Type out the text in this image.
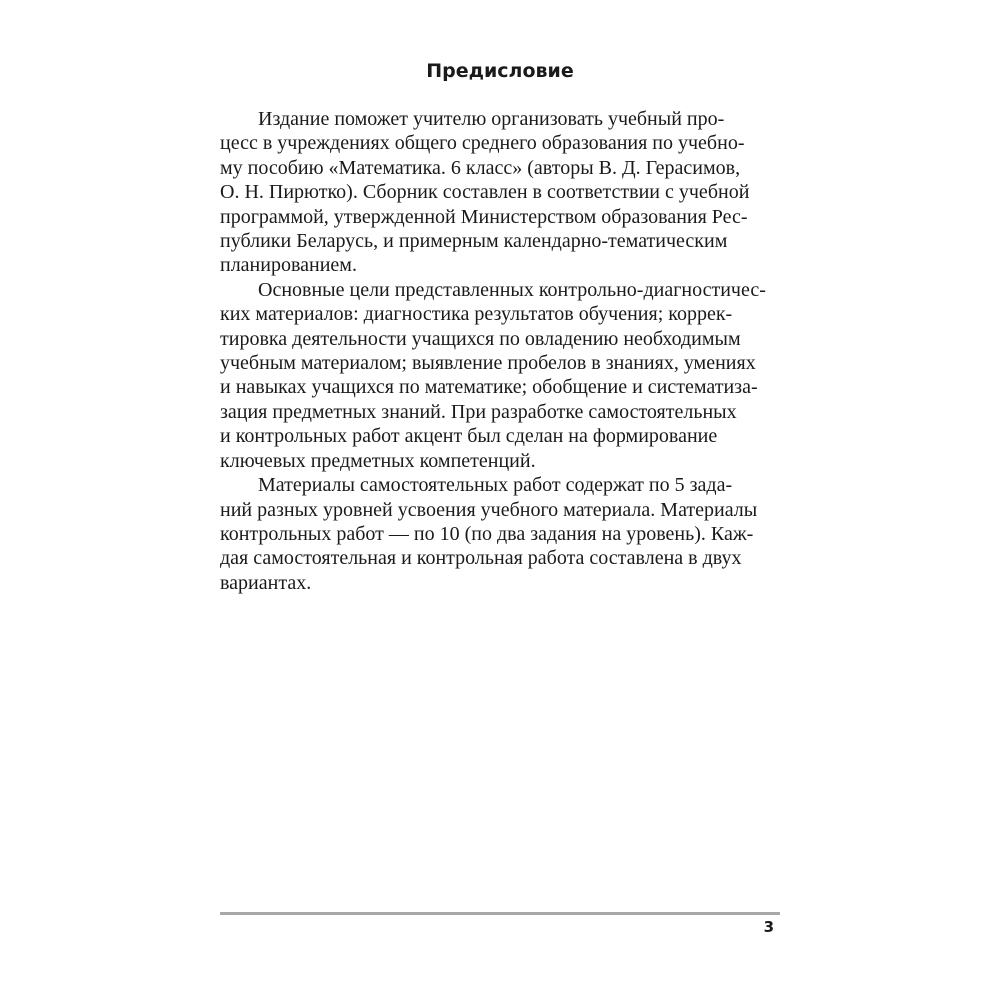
Предисловие

Издание поможет учителю организовать учебный про-
цесс в учреждениях общего среднего образования по учебно-
му пособию «Математика. 6 класс» (авторы В. Д. Герасимов,
О. Н. Пирютко). Сборник составлен в соответствии с учебной
программой, утвержденной Министерством образования Рес-
публики Беларусь, и примерным календарно-тематическим
планированием.

Основные цели представленных контрольно-диагностичес-
ких материалов: диагностика результатов обучения; коррек-
тировка деятельности учащихся по овладению необходимым
учебным материалом; выявление пробелов в знаниях, умениях
и навыках учащихся по математике; обобщение и систематиза-
зация предметных знаний. При разработке самостоятельных
и контрольных работ акцент был сделан на формирование
ключевых предметных компетенций.

Материалы самостоятельных работ содержат по 5 зада-
ний разных уровней усвоения учебного материала. Материалы
контрольных работ — по 10 (по два задания на уровень). Каж-
дая самостоятельная и контрольная работа составлена в двух
вариантах.

3
